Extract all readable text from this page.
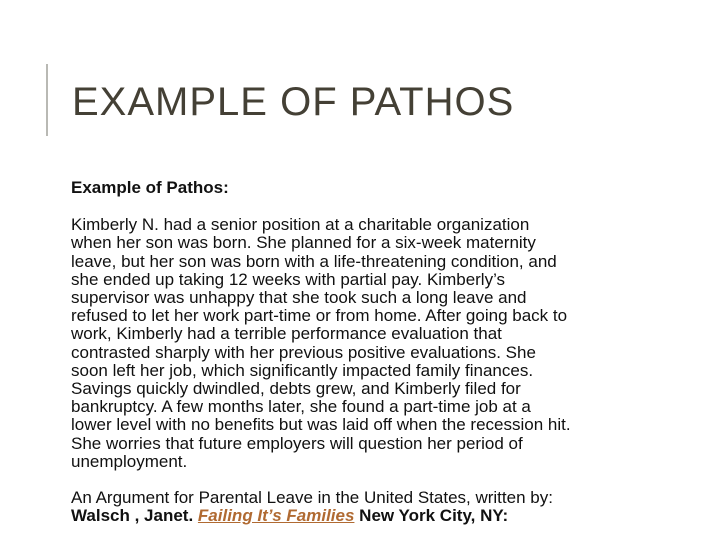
EXAMPLE OF PATHOS

Example of Pathos:

Kimberly N. had a senior position at a charitable organization
when her son was born. She planned for a six-week maternity
leave, but her son was born with a life-threatening condition, and
she ended up taking 12 weeks with partial pay. Kimberly’s
supervisor was unhappy that she took such a long leave and
refused to let her work part-time or from home. After going back to
work, Kimberly had a terrible performance evaluation that
contrasted sharply with her previous positive evaluations. She
soon left her job, which significantly impacted family finances.
Savings quickly dwindled, debts grew, and Kimberly filed for
bankruptcy. A few months later, she found a part-time job at a
lower level with no benefits but was laid off when the recession hit.
She worries that future employers will question her period of
unemployment.

An Argument for Parental Leave in the United States, written by:
Walsch , Janet. Failing It’s Families New York City, NY:
